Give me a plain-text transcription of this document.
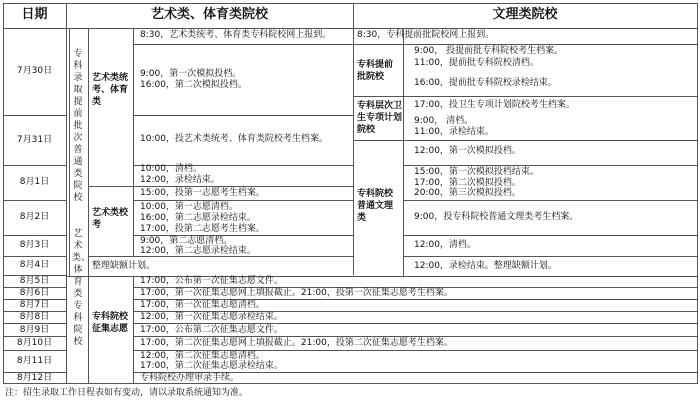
日期	艺术类、体育类院校	文理类院校
7月30日
7月31日
8月1日
8月2日
8月3日
8月4日
8月5日
8月6日
8月7日
8月8日
8月9日
8月10日
8月11日
8月12日
专科录取提前批次普通类院校
艺术类、体育类专科院校
艺术类统考、体育类
艺术类校考
专科院校征集志愿
专科提前批院校
专科层次卫生专项计划院校
专科院校普通文理类
8:30，艺术类统考、体育类专科院校网上报到。
9:00，第一次模拟投档。
16:00，第二次模拟投档。
10:00，投艺术类统考、体育类院校考生档案。
10:00，清档。
12:00，录检结束。
15:00，投第一志愿考生档案。
10:00，第一志愿清档。
16:00，第二志愿录检结束。
17:00，投第二志愿考生档案。
9:00，第二志愿清档。
12:00，第二志愿录检结束。
整理缺额计划。
8:30，专科提前批院校网上报到。
9:00， 投提前批专科院校考生档案。
11:00，提前批专科院校清档。
16:00，提前批专科院校录检结束。
17:00，投卫生专项计划院校考生档案。
9:00， 清档。
11:00，录检结束。
12:00，第一次模拟投档。
15:00，第一次模拟投档结束。
17:00，第二次模拟投档。
20:00，第三次模拟投档。
9:00，投专科院校普通文理类考生档案。
12:00，清档。
12:00，录检结束。整理缺额计划。
17:00，公布第一次征集志愿文件。
17:00，第一次征集志愿网上填报截止。21:00，投第一次征集志愿考生档案。
17:00，第一次征集志愿清档。
12:00，第一次征集志愿录检结束。
17:00，公布第二次征集志愿文件。
17:00，第二次征集志愿网上填报截止。21:00，投第二次征集志愿考生档案。
12:00，第二次征集志愿清档。
17:00，第二次征集志愿录检结束。
专科院校办理审录手续。
注：招生录取工作日程表如有变动，请以录取系统通知为准。
